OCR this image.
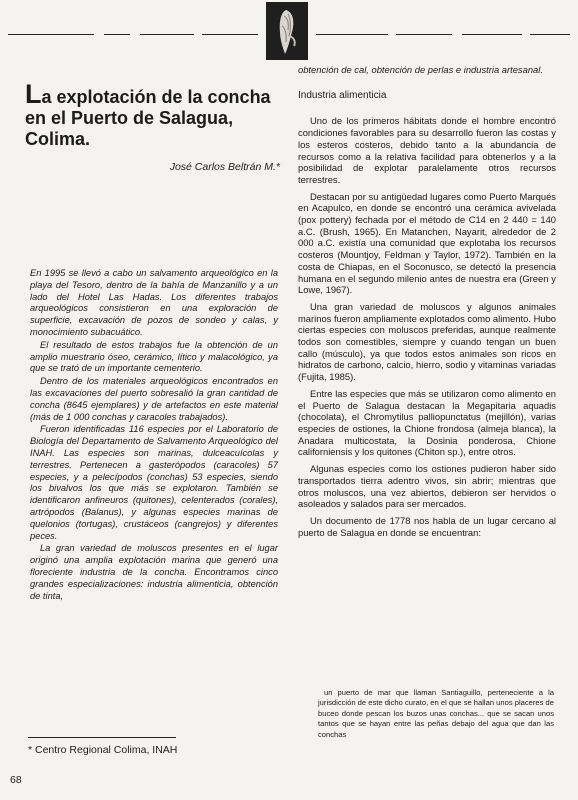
La explotación de la concha en el Puerto de Salagua, Colima.
José Carlos Beltrán M.*

En 1995 se llevó a cabo un salvamento arqueológico en la playa del Tesoro, dentro de la bahía de Manzanillo y a un lado del Hotel Las Hadas. Los diferentes trabajos arqueológicos consistieron en una exploración de superficie, excavación de pozos de sondeo y calas, y monocimiento subacuático.

El resultado de estos trabajos fue la obtención de un amplio muestrario óseo, cerámico, lítico y malacológico, ya que se trató de un importante cementerio.

Dentro de los materiales arqueológicos encontrados en las excavaciones del puerto sobresalió la gran cantidad de concha (8645 ejemplares) y de artefactos en este material (más de 1 000 conchas y caracoles trabajados).

Fueron identificadas 116 especies por el Laboratorio de Biología del Departamento de Salvamento Arqueológico del INAH. Las especies son marinas, dulceacuícolas y terrestres. Pertenecen a gasterópodos (caracoles) 57 especies, y a pelecípodos (conchas) 53 especies, siendo los bivalvos los que más se explotaron. También se identificaron anfineuros (quitones), celenterados (corales), artrópodos (Balanus), y algunas especies marinas de quelonios (tortugas), crustáceos (cangrejos) y diferentes peces.

La gran variedad de moluscos presentes en el lugar originó una amplia explotación marina que generó una floreciente industria de la concha. Encontramos cinco grandes especializaciones: industria alimenticia, obtención de tinta,

* Centro Regional Colima, INAH
68

obtención de cal, obtención de perlas e industria artesanal.

Industria alimenticia

Uno de los primeros hábitats donde el hombre encontró condiciones favorables para su desarrollo fueron las costas y los esteros costeros, debido tanto a la abundancia de recursos como a la relativa facilidad para obtenerlos y a la posibilidad de explotar paralelamente otros recursos terrestres.

Destacan por su antigüedad lugares como Puerto Marqués en Acapulco, en donde se encontró una cerámica avivelada (pox pottery) fechada por el método de C14 en 2 440 = 140 a.C. (Brush, 1965). En Matanchen, Nayarit, alrededor de 2 000 a.C. existía una comunidad que explotaba los recursos costeros (Mountjoy, Feldman y Taylor, 1972). También en la costa de Chiapas, en el Soconusco, se detectó la presencia humana en el segundo milenio antes de nuestra era (Green y Lowe, 1967).

Una gran variedad de moluscos y algunos animales marinos fueron ampliamente explotados como alimento. Hubo ciertas especies con moluscos preferidas, aunque realmente todos son comestibles, siempre y cuando tengan un buen callo (músculo), ya que todos estos animales son ricos en hidratos de carbono, calcio, hierro, sodio y vitaminas variadas (Fujita, 1985).

Entre las especies que más se utilizaron como alimento en el Puerto de Salagua destacan la Megapitaria aquadis (chocolata), el Chromytilus palliopunctatus (mejillón), varias especies de ostiones, la Chione frondosa (almeja blanca), la Anadara multicostata, la Dosinia ponderosa, Chione californiensis y los quitones (Chiton sp.), entre otros.

Algunas especies como los ostiones pudieron haber sido transportados tierra adentro vivos, sin abrir; mientras que otros moluscos, una vez abiertos, debieron ser hervidos o asoleados y salados para ser mercados.

Un documento de 1778 nos habla de un lugar cercano al puerto de Salagua en donde se encuentran:

un puerto de mar que llaman Santiaguillo, perteneciente a la jurisdicción de este dicho curato, en el que se hallan unos placeres de buceo donde pescan los buzos unas conchas... que se sacan unos tantos que se hayan entre las peñas debajo del agua que dan las conchas
